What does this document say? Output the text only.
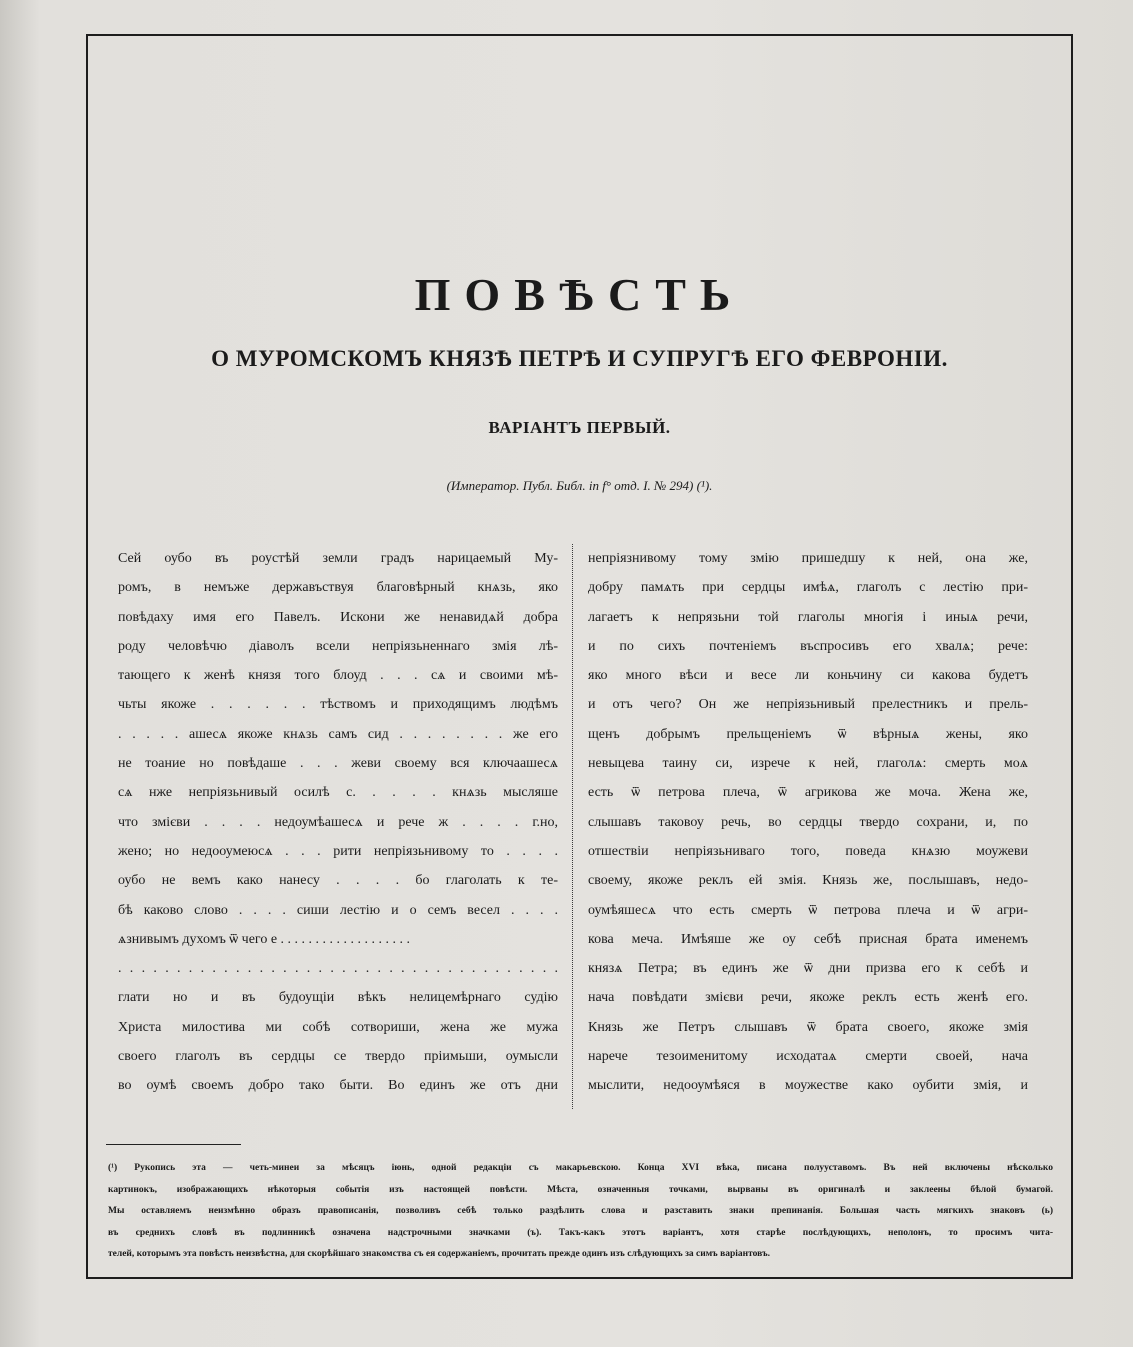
ПОВѢСТЬ
О МУРОМСКОМЪ КНЯЗѢ ПЕТРѢ И СУПРУГѢ ЕГО ФЕВРОНІИ.
ВАРІАНТЪ ПЕРВЫЙ.

(Император. Публ. Библ. in f° отд. I. № 294) (¹).

Сей оубо въ роустѣй земли градъ нарицаемый Му-
ромъ, в немъже державъствуя благовѣрный кнѧзь, яко
повѣдаху имя его Павелъ. Искони же ненавидѧй добра
роду человѣчю діаволъ всели непріязьненнаго змія лѣ-
тающего к женѣ князя того блоуд . . . сѧ и своими мѣ-
чьты якоже . . . . . . тѣствомъ и приходящимъ людѣмъ
. . . . . ашесѧ якоже кнѧзь самъ сид . . . . . . . . же его
не тоание но повѣдаше . . . жеви своему вся ключаашесѧ
сѧ нже непріязьнивый осилѣ с. . . . . кнѧзь мысляше
что змієви . . . . недоумѣашесѧ и рече ж . . . . г.но,
жено; но недооумеюсѧ . . . рити непріязьнивому то . . . .
оубо не вемъ како нанесу . . . . бо глаголать к те-
бѣ каково слово . . . . сиши лестію и о семъ весел . . . .
ѧзнивымъ духомъ ѿ чего е . . . . . . . . . . . . . . . . . . .
. . . . . . . . . . . . . . . . . . . . . . . . . . . . . . . . . . . . . .
глати но и въ будоущіи вѣкъ нелицемѣрнаго судію
Христа милостива ми собѣ сотвориши, жена же мужа
своего глаголъ въ сердцы се твердо пріимьши, оумысли
во оумѣ своемъ добро тако быти. Во единъ же отъ дни
непріязнивому тому змію пришедшу к ней, она же,
добру памѧть при сердцы имѣѧ, глаголъ с лестію при-
лагаетъ к непрязьни той глаголы многія і иныѧ речи,
и по сихъ почтеніемъ въспросивъ его хвалѧ; рече:
яко много вѣси и весе ли коньчину си какова будетъ
и отъ чего? Он же непріязьнивый прелестникъ и прель-
щенъ добрымъ прельщеніемъ ѿ вѣрныѧ жены, яко
невыцева таину си, изрече к ней, глаголѧ: смерть моѧ
есть ѿ петрова плеча, ѿ агрикова же моча. Жена же,
слышавъ таковоу речь, во сердцы твердо сохрани, и, по
отшествіи непріязьниваго того, поведа кнѧзю моужеви
своему, якоже реклъ ей змія. Князь же, послышавъ, недо-
оумѣяшесѧ что есть смерть ѿ петрова плеча и ѿ агри-
кова меча. Имѣяше же оу себѣ присная брата именемъ
князѧ Петра; въ единъ же ѿ дни призва его к себѣ и
нача повѣдати змієви речи, якоже реклъ есть женѣ его.
Князь же Петръ слышавъ ѿ брата своего, якоже змія
нарече тезоименитому исходатаѧ смерти своей, нача
мыслити, недооумѣяся в моужестве како оубити змія, и
(¹) Рукопись эта — четь-минеи за мѣсяцъ іюнь, одной редакціи съ макарьевскою. Конца XVI вѣка, писана полууставомъ. Въ ней включены нѣсколько
картинокъ, изображающихъ нѣкоторыя событія изъ настоящей повѣсти. Мѣста, означенныя точками, вырваны въ оригиналѣ и заклеены бѣлой бумагой.
Мы оставляемъ неизмѣнно образъ правописанія, позволивъ себѣ только раздѣлить слова и разставить знаки препинанія. Большая часть мягкихъ знаковъ (ь)
въ среднихъ словѣ въ подлинникѣ означена надстрочными значками (ъ). Такъ-какъ этотъ варіантъ, хотя старѣе послѣдующихъ, неполонъ, то просимъ чита-
телей, которымъ эта повѣсть неизвѣстна, для скорѣйшаго знакомства съ ея содержаніемъ, прочитать прежде одинъ изъ слѣдующихъ за симъ варіантовъ.
